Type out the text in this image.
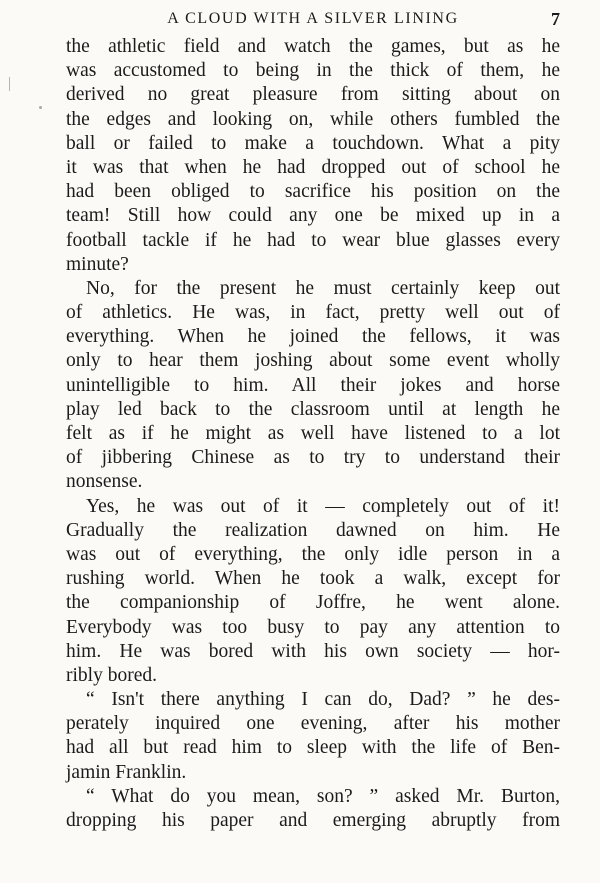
A CLOUD WITH A SILVER LINING	7
the athletic field and watch the games, but as he
was accustomed to being in the thick of them, he
derived no great pleasure from sitting about on
the edges and looking on, while others fumbled the
ball or failed to make a touchdown. What a pity
it was that when he had dropped out of school he
had been obliged to sacrifice his position on the
team! Still how could any one be mixed up in a
football tackle if he had to wear blue glasses every
minute?
No, for the present he must certainly keep out
of athletics. He was, in fact, pretty well out of
everything. When he joined the fellows, it was
only to hear them joshing about some event wholly
unintelligible to him. All their jokes and horse
play led back to the classroom until at length he
felt as if he might as well have listened to a lot
of jibbering Chinese as to try to understand their
nonsense.
Yes, he was out of it — completely out of it!
Gradually the realization dawned on him. He
was out of everything, the only idle person in a
rushing world. When he took a walk, except for
the companionship of Joffre, he went alone.
Everybody was too busy to pay any attention to
him. He was bored with his own society — hor-
ribly bored.
“ Isn't there anything I can do, Dad? ” he des-
perately inquired one evening, after his mother
had all but read him to sleep with the life of Ben-
jamin Franklin.
“ What do you mean, son? ” asked Mr. Burton,
dropping his paper and emerging abruptly from
